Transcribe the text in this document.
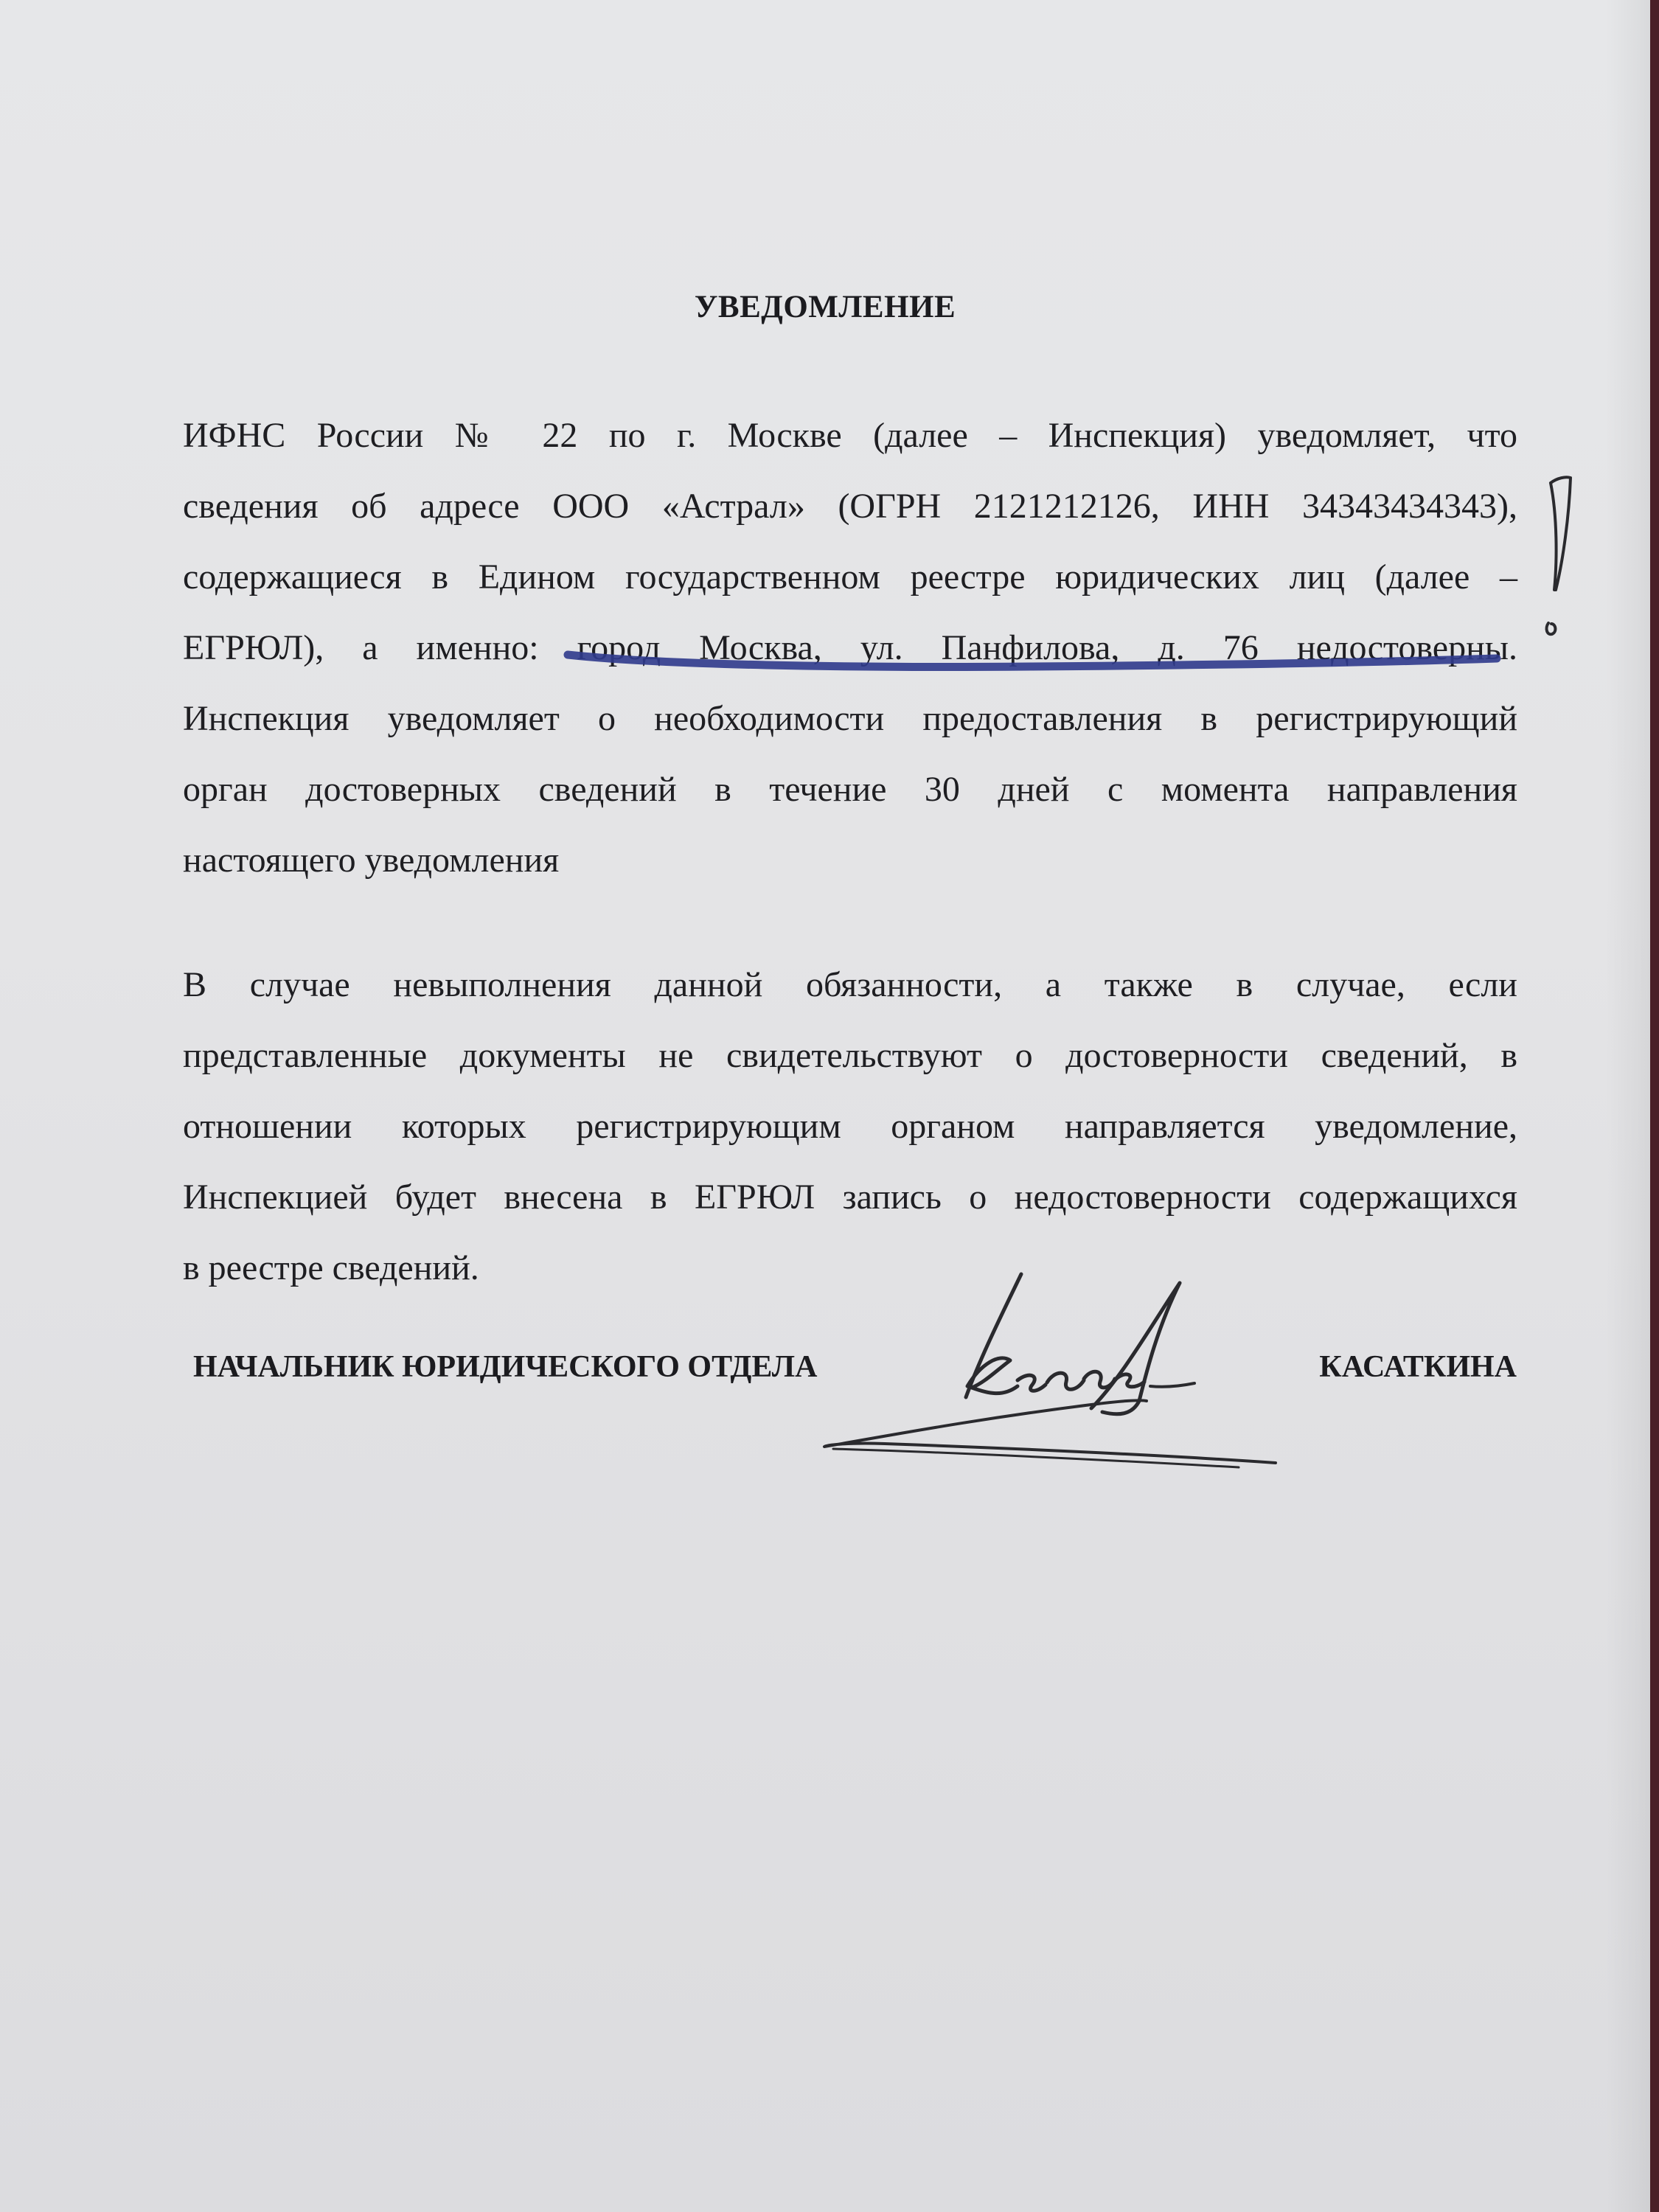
УВЕДОМЛЕНИЕ
ИФНС России № 22 по г. Москве (далее – Инспекция) уведомляет, что
сведения об адресе ООО «Астрал» (ОГРН 2121212126, ИНН 34343434343),
содержащиеся в Едином государственном реестре юридических лиц (далее –
ЕГРЮЛ), а именно: город Москва, ул. Панфилова, д. 76 недостоверны.
Инспекция уведомляет о необходимости предоставления в регистрирующий
орган достоверных сведений в течение 30 дней с момента направления
настоящего уведомления
В случае невыполнения данной обязанности, а также в случае, если
представленные документы не свидетельствуют о достоверности сведений, в
отношении которых регистрирующим органом направляется уведомление,
Инспекцией будет внесена в ЕГРЮЛ запись о недостоверности содержащихся
в реестре сведений.
НАЧАЛЬНИК ЮРИДИЧЕСКОГО ОТДЕЛА	КАСАТКИНА
